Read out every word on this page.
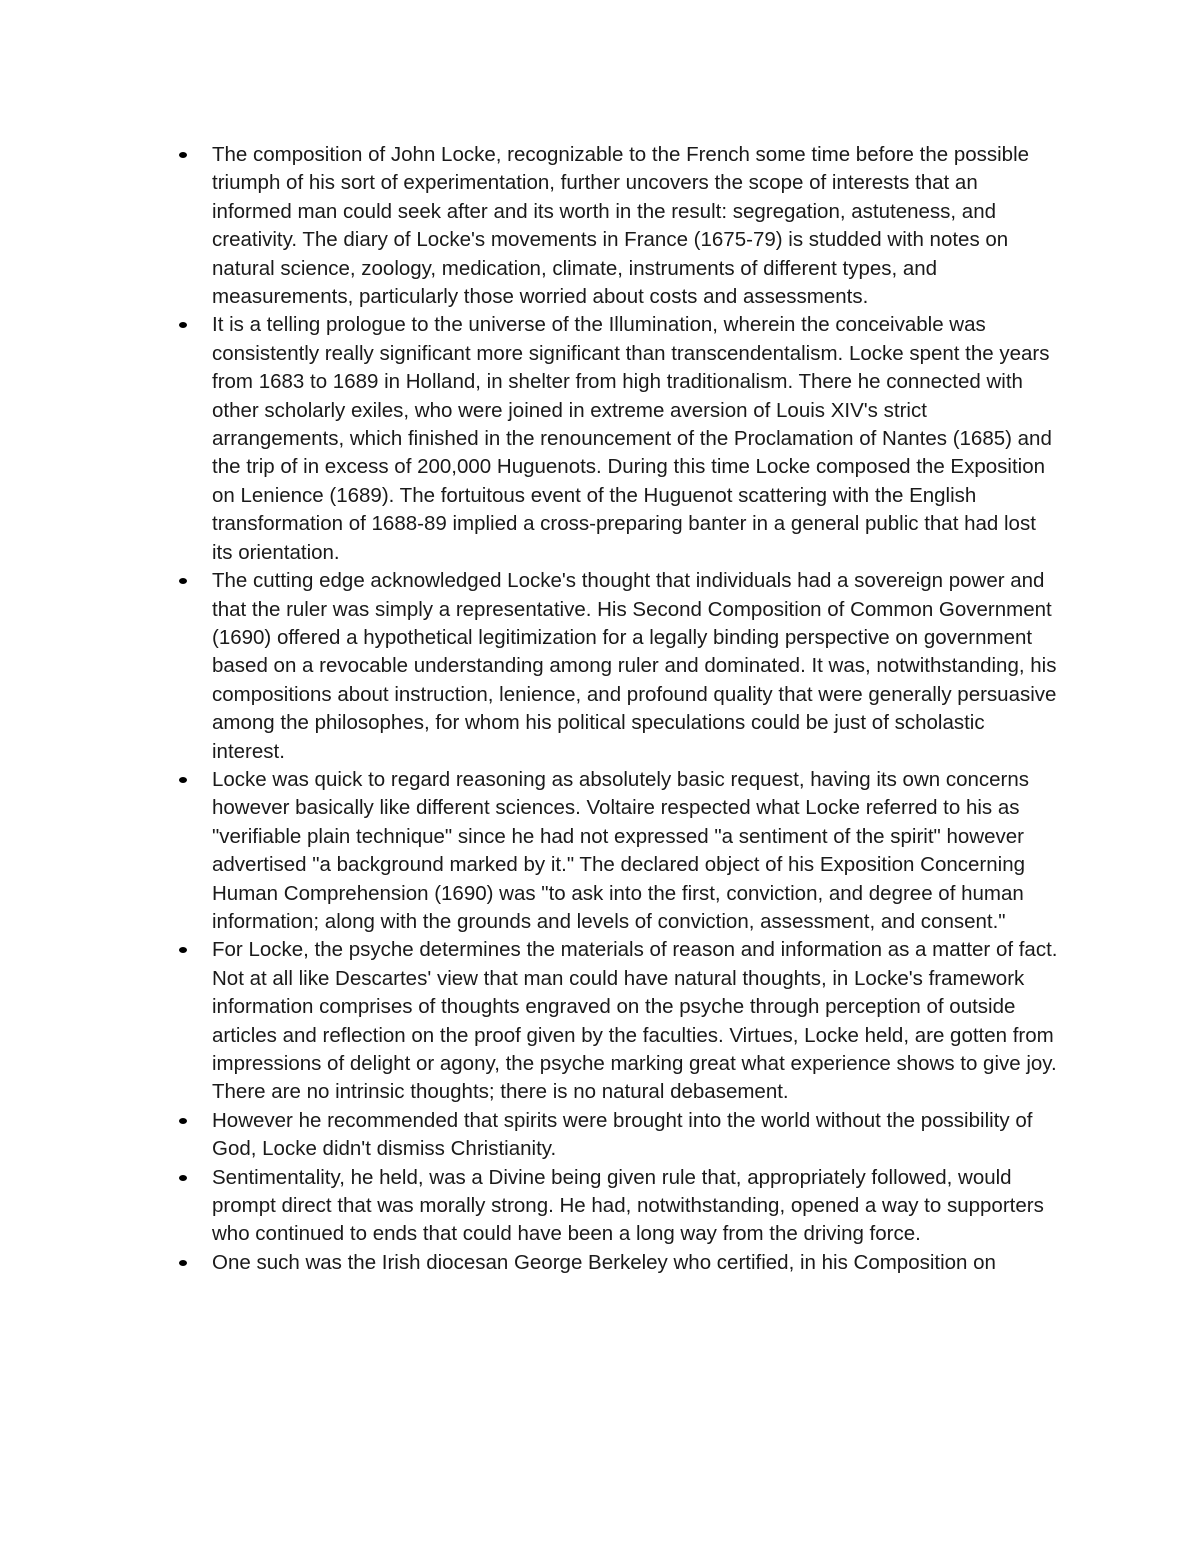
The composition of John Locke, recognizable to the French some time before the possible triumph of his sort of experimentation, further uncovers the scope of interests that an informed man could seek after and its worth in the result: segregation, astuteness, and creativity. The diary of Locke's movements in France (1675-79) is studded with notes on natural science, zoology, medication, climate, instruments of different types, and measurements, particularly those worried about costs and assessments.
It is a telling prologue to the universe of the Illumination, wherein the conceivable was consistently really significant more significant than transcendentalism. Locke spent the years from 1683 to 1689 in Holland, in shelter from high traditionalism. There he connected with other scholarly exiles, who were joined in extreme aversion of Louis XIV's strict arrangements, which finished in the renouncement of the Proclamation of Nantes (1685) and the trip of in excess of 200,000 Huguenots. During this time Locke composed the Exposition on Lenience (1689). The fortuitous event of the Huguenot scattering with the English transformation of 1688-89 implied a cross-preparing banter in a general public that had lost its orientation.
The cutting edge acknowledged Locke's thought that individuals had a sovereign power and that the ruler was simply a representative. His Second Composition of Common Government (1690) offered a hypothetical legitimization for a legally binding perspective on government based on a revocable understanding among ruler and dominated. It was, notwithstanding, his compositions about instruction, lenience, and profound quality that were generally persuasive among the philosophes, for whom his political speculations could be just of scholastic interest.
Locke was quick to regard reasoning as absolutely basic request, having its own concerns however basically like different sciences. Voltaire respected what Locke referred to his as "verifiable plain technique" since he had not expressed "a sentiment of the spirit" however advertised "a background marked by it." The declared object of his Exposition Concerning Human Comprehension (1690) was "to ask into the first, conviction, and degree of human information; along with the grounds and levels of conviction, assessment, and consent."
For Locke, the psyche determines the materials of reason and information as a matter of fact. Not at all like Descartes' view that man could have natural thoughts, in Locke's framework information comprises of thoughts engraved on the psyche through perception of outside articles and reflection on the proof given by the faculties. Virtues, Locke held, are gotten from impressions of delight or agony, the psyche marking great what experience shows to give joy. There are no intrinsic thoughts; there is no natural debasement.
However he recommended that spirits were brought into the world without the possibility of God, Locke didn't dismiss Christianity.
Sentimentality, he held, was a Divine being given rule that, appropriately followed, would prompt direct that was morally strong. He had, notwithstanding, opened a way to supporters who continued to ends that could have been a long way from the driving force.
One such was the Irish diocesan George Berkeley who certified, in his Composition on
